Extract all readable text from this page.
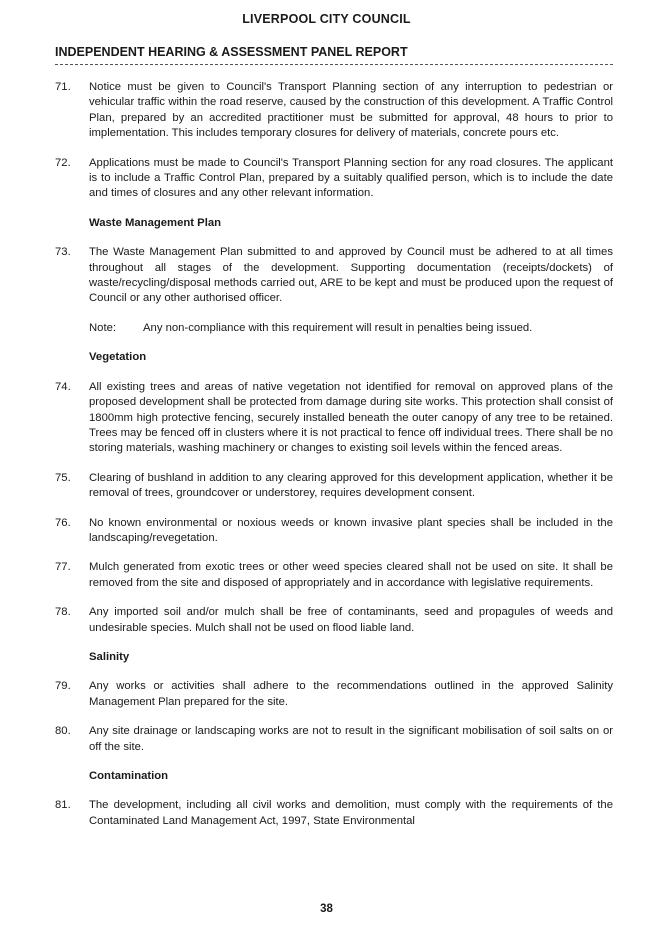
LIVERPOOL CITY COUNCIL
INDEPENDENT HEARING & ASSESSMENT PANEL REPORT
71. Notice must be given to Council's Transport Planning section of any interruption to pedestrian or vehicular traffic within the road reserve, caused by the construction of this development. A Traffic Control Plan, prepared by an accredited practitioner must be submitted for approval, 48 hours to prior to implementation. This includes temporary closures for delivery of materials, concrete pours etc.
72. Applications must be made to Council's Transport Planning section for any road closures. The applicant is to include a Traffic Control Plan, prepared by a suitably qualified person, which is to include the date and times of closures and any other relevant information.
Waste Management Plan
73. The Waste Management Plan submitted to and approved by Council must be adhered to at all times throughout all stages of the development. Supporting documentation (receipts/dockets) of waste/recycling/disposal methods carried out, ARE to be kept and must be produced upon the request of Council or any other authorised officer.
Note: Any non-compliance with this requirement will result in penalties being issued.
Vegetation
74. All existing trees and areas of native vegetation not identified for removal on approved plans of the proposed development shall be protected from damage during site works. This protection shall consist of 1800mm high protective fencing, securely installed beneath the outer canopy of any tree to be retained. Trees may be fenced off in clusters where it is not practical to fence off individual trees. There shall be no storing materials, washing machinery or changes to existing soil levels within the fenced areas.
75. Clearing of bushland in addition to any clearing approved for this development application, whether it be removal of trees, groundcover or understorey, requires development consent.
76. No known environmental or noxious weeds or known invasive plant species shall be included in the landscaping/revegetation.
77. Mulch generated from exotic trees or other weed species cleared shall not be used on site. It shall be removed from the site and disposed of appropriately and in accordance with legislative requirements.
78. Any imported soil and/or mulch shall be free of contaminants, seed and propagules of weeds and undesirable species. Mulch shall not be used on flood liable land.
Salinity
79. Any works or activities shall adhere to the recommendations outlined in the approved Salinity Management Plan prepared for the site.
80. Any site drainage or landscaping works are not to result in the significant mobilisation of soil salts on or off the site.
Contamination
81. The development, including all civil works and demolition, must comply with the requirements of the Contaminated Land Management Act, 1997, State Environmental
38
